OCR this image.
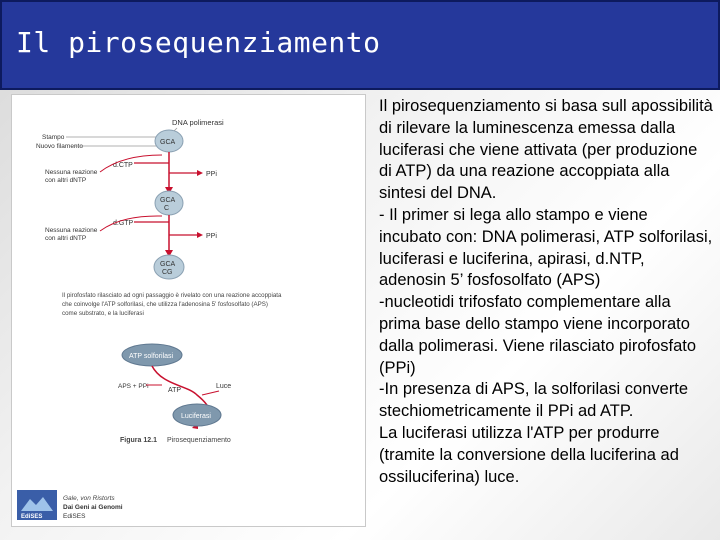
Il pirosequenziamento
DNA polimerasi
Stampo
Nuovo filamento
GCA
d.CTP
PPi
Nessuna reazione
con altri dNTP
GCA
C
d.GTP
PPi
Nessuna reazione
con altri dNTP
GCA
CG
Il pirofosfato rilasciato ad ogni passaggio è rivelato con una reazione accoppiata
che coinvolge l'ATP solforilasi, che utilizza l'adenosina 5' fosfosolfato (APS)
come substrato, e la luciferasi
ATP solforilasi
APS + PPi
ATP
Luce
Luciferasi
Figura 12.1 Pirosequenziamento
EdiSES
Gale, von Ristorts
Dai Geni ai Genomi
EdiSES

Il pirosequenziamento si basa sull apossibilità di rilevare la luminescenza emessa dalla luciferasi che viene attivata (per produzione di ATP) da una reazione accoppiata alla sintesi del DNA.

- Il primer si lega allo stampo e viene incubato con: DNA polimerasi, ATP solforilasi, luciferasi e luciferina, apirasi, d.NTP, adenosin 5’ fosfosolfato (APS)

-nucleotidi trifosfato complementare alla prima base dello stampo viene incorporato dalla polimerasi. Viene rilasciato pirofosfato (PPi)

-In presenza di APS, la solforilasi converte stechiometricamente il PPi ad ATP.

La luciferasi utilizza l'ATP per produrre (tramite la conversione della luciferina ad ossiluciferina) luce.
